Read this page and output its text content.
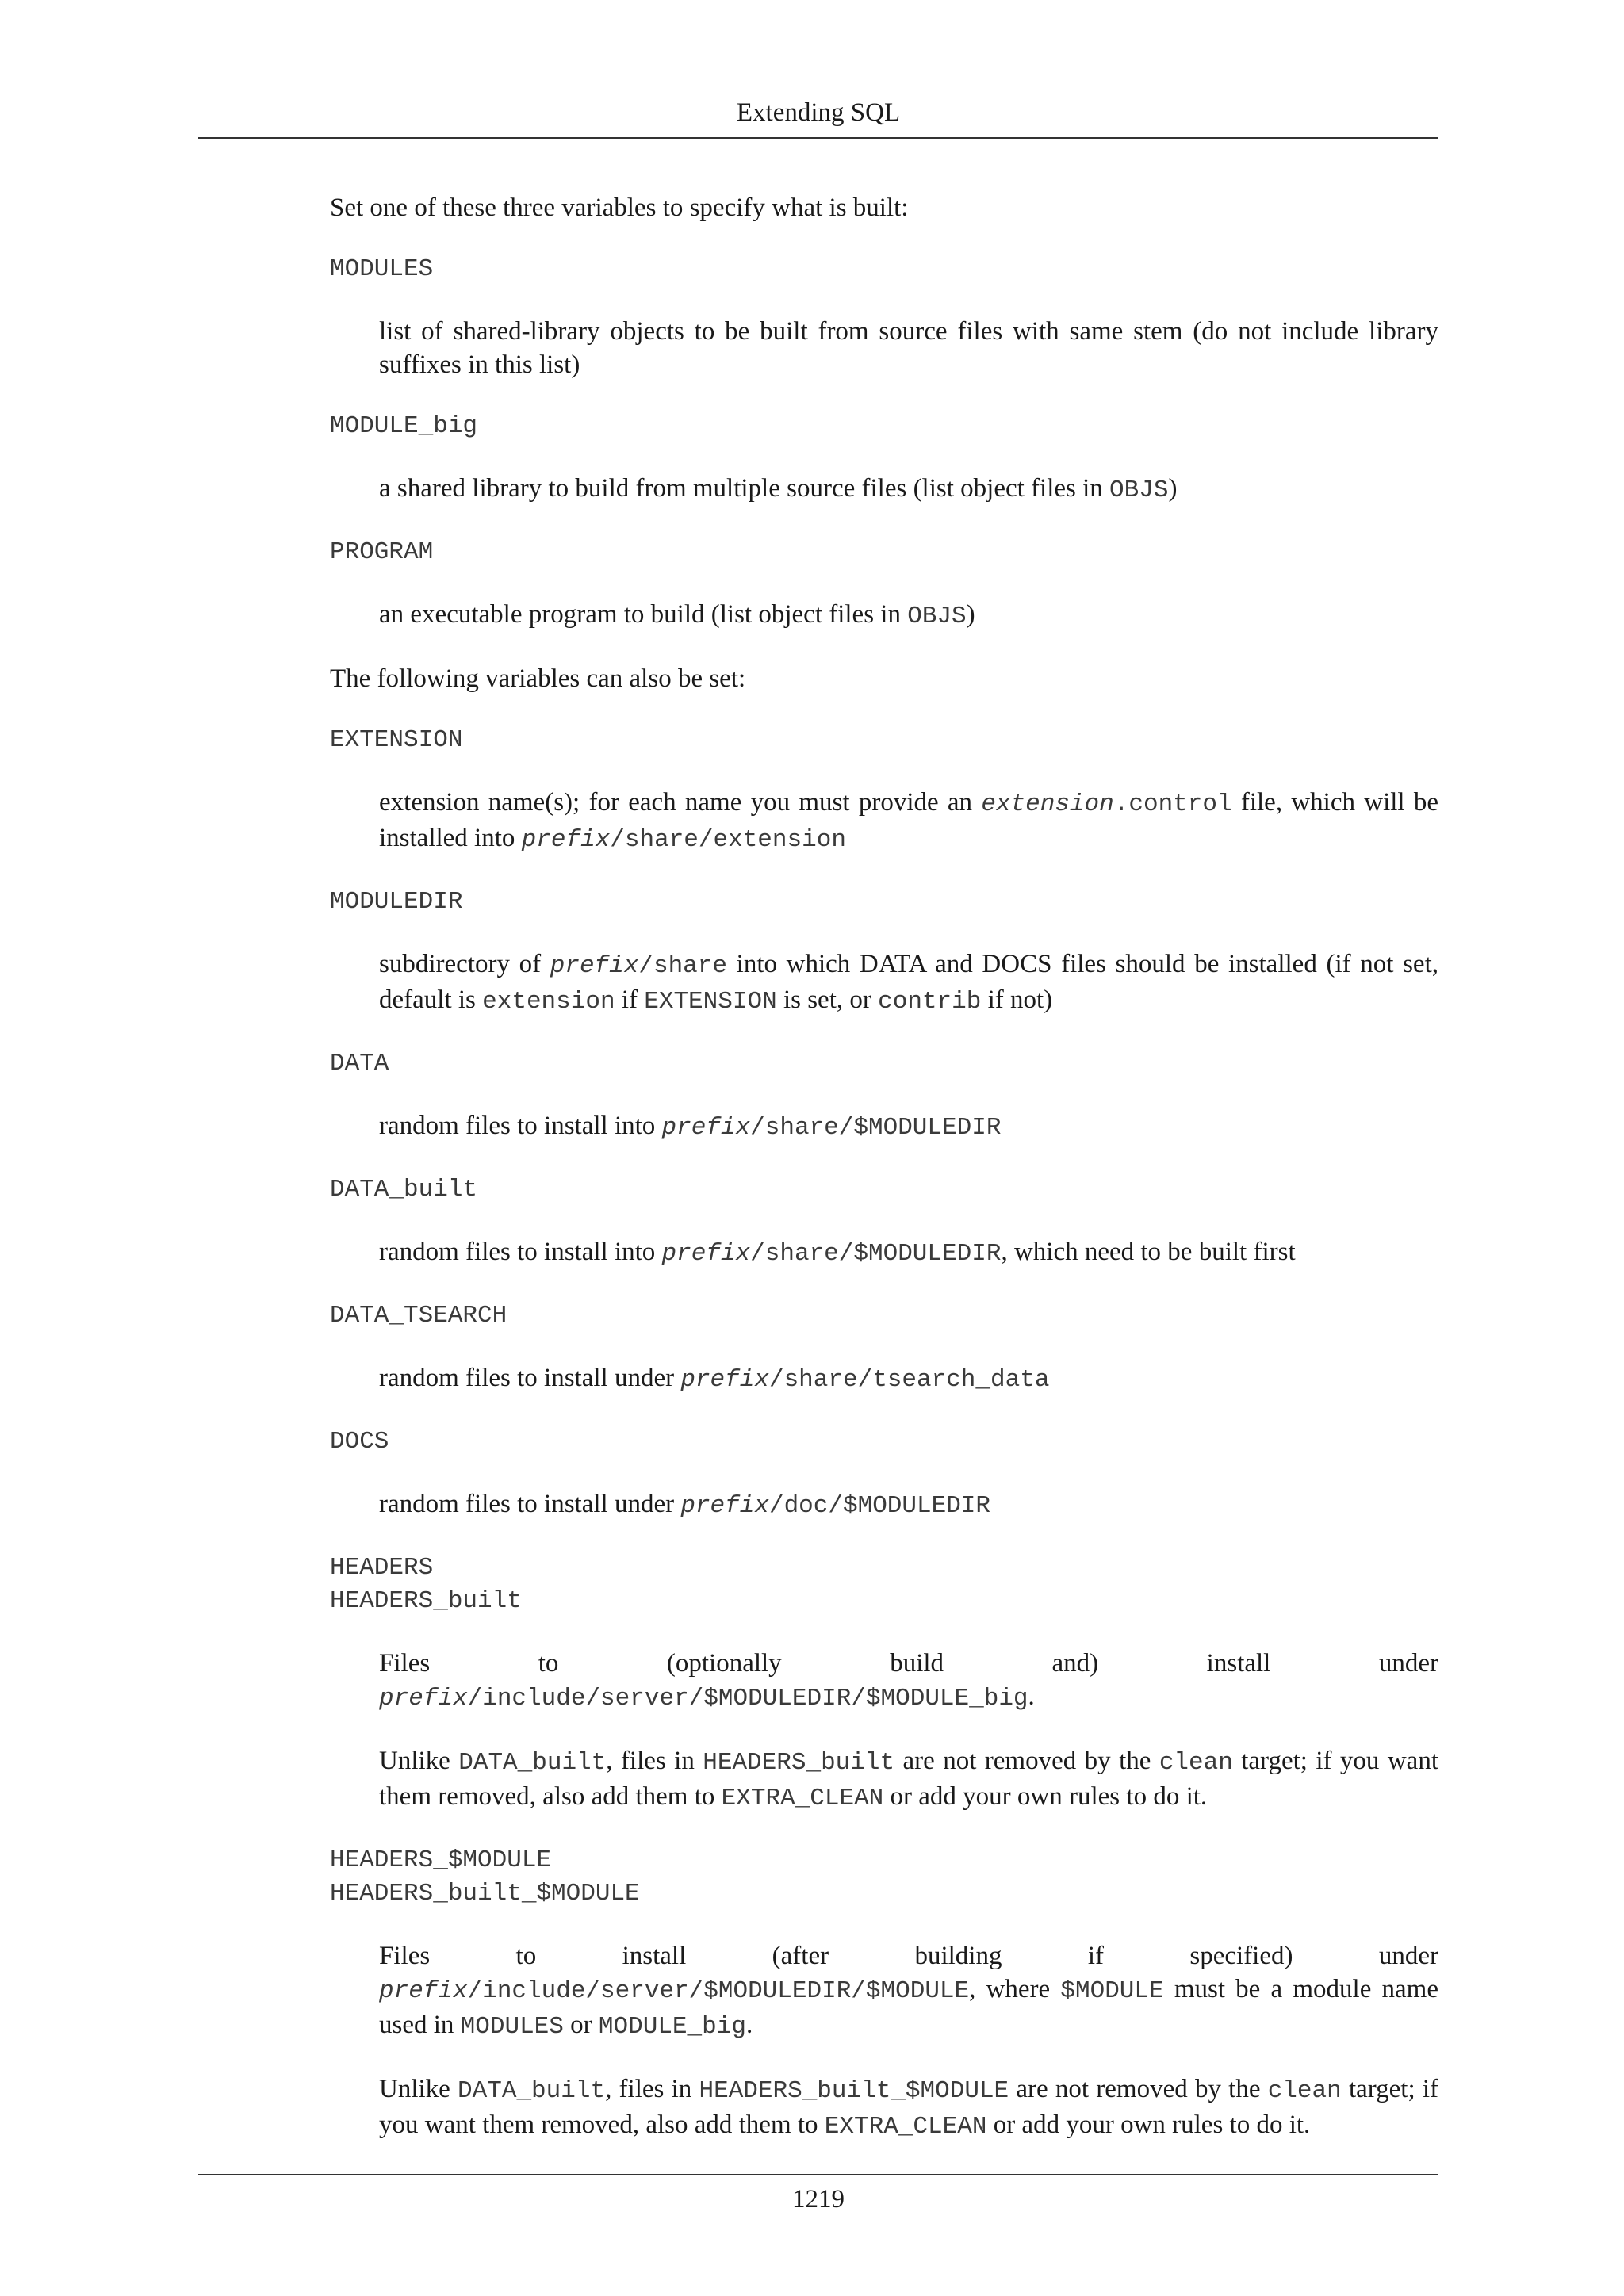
Extending SQL

Set one of these three variables to specify what is built:

MODULES

list of shared-library objects to be built from source files with same stem (do not include library suffixes in this list)

MODULE_big

a shared library to build from multiple source files (list object files in OBJS)

PROGRAM

an executable program to build (list object files in OBJS)

The following variables can also be set:

EXTENSION

extension name(s); for each name you must provide an extension.control file, which will be installed into prefix/share/extension

MODULEDIR

subdirectory of prefix/share into which DATA and DOCS files should be installed (if not set, default is extension if EXTENSION is set, or contrib if not)

DATA

random files to install into prefix/share/$MODULEDIR

DATA_built

random files to install into prefix/share/$MODULEDIR, which need to be built first

DATA_TSEARCH

random files to install under prefix/share/tsearch_data

DOCS

random files to install under prefix/doc/$MODULEDIR

HEADERS
HEADERS_built

Files to (optionally build and) install under prefix/include/server/$MODULEDIR/$MODULE_big.

Unlike DATA_built, files in HEADERS_built are not removed by the clean target; if you want them removed, also add them to EXTRA_CLEAN or add your own rules to do it.

HEADERS_$MODULE
HEADERS_built_$MODULE

Files to install (after building if specified) under prefix/include/server/$MODULEDIR/$MODULE, where $MODULE must be a module name used in MODULES or MODULE_big.

Unlike DATA_built, files in HEADERS_built_$MODULE are not removed by the clean target; if you want them removed, also add them to EXTRA_CLEAN or add your own rules to do it.

1219
